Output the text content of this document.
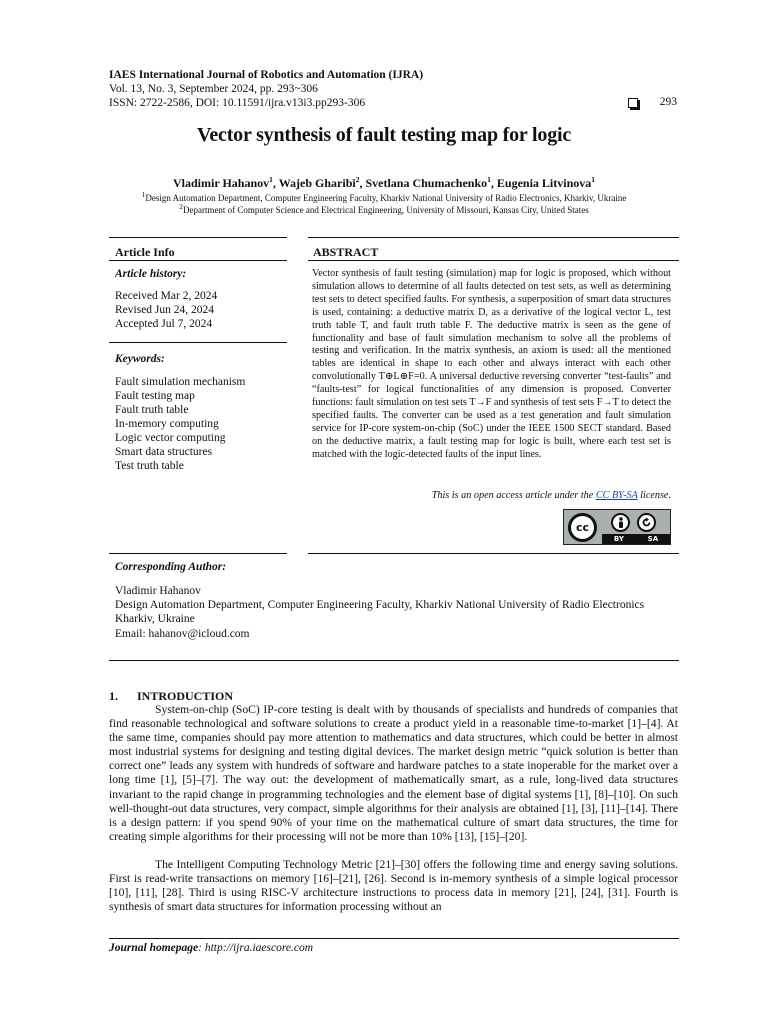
IAES International Journal of Robotics and Automation (IJRA)
Vol. 13, No. 3, September 2024, pp. 293~306
ISSN: 2722-2586, DOI: 10.11591/ijra.v13i3.pp293-306	293
Vector synthesis of fault testing map for logic
Vladimir Hahanov$^1$, Wajeb Gharibi$^2$, Svetlana Chumachenko$^1$, Eugenia Litvinova$^1$
$^1$Design Automation Department, Computer Engineering Faculty, Kharkiv National University of Radio Electronics, Kharkiv, Ukraine
$^2$Department of Computer Science and Electrical Engineering, University of Missouri, Kansas City, United States
Article Info	ABSTRACT
Article history:
Received Mar 2, 2024
Revised Jun 24, 2024
Accepted Jul 7, 2024
Keywords:
Fault simulation mechanism
Fault testing map
Fault truth table
In-memory computing
Logic vector computing
Smart data structures
Test truth table
Vector synthesis of fault testing (simulation) map for logic is proposed, which without simulation allows to determine of all faults detected on test sets, as well as determining test sets to detect specified faults. For synthesis, a superposition of smart data structures is used, containing: a deductive matrix D, as a derivative of the logical vector L, test truth table T, and fault truth table F. The deductive matrix is seen as the gene of functionality and base of fault simulation mechanism to solve all the problems of testing and verification. In the matrix synthesis, an axiom is used: all the mentioned tables are identical in shape to each other and always interact with each other convolutionally T⊕L⊕F=0. A universal deductive reversing converter “test-faults” and “faults-test” for logical functionalities of any dimension is proposed. Converter functions: fault simulation on test sets T→F and synthesis of test sets F→T to detect the specified faults. The converter can be used as a test generation and fault simulation service for IP-core system-on-chip (SoC) under the IEEE 1500 SECT standard. Based on the deductive matrix, a fault testing map for logic is built, where each test set is matched with the logic-detected faults of the input lines.
This is an open access article under the CC BY-SA license.
cc
BY	SA
Corresponding Author:
Vladimir Hahanov
Design Automation Department, Computer Engineering Faculty, Kharkiv National University of Radio Electronics
Kharkiv, Ukraine
Email: hahanov@icloud.com
1. INTRODUCTION
System-on-chip (SoC) IP-core testing is dealt with by thousands of specialists and hundreds of companies that find reasonable technological and software solutions to create a product yield in a reasonable time-to-market [1]–[4]. At the same time, companies should pay more attention to mathematics and data structures, which could be better in almost most industrial systems for designing and testing digital devices. The market design metric “quick solution is better than correct one” leads any system with hundreds of software and hardware patches to a state inoperable for the market over a long time [1], [5]–[7]. The way out: the development of mathematically smart, as a rule, long-lived data structures invariant to the rapid change in programming technologies and the element base of digital systems [1], [8]–[10]. On such well-thought-out data structures, very compact, simple algorithms for their analysis are obtained [1], [3], [11]–[14]. There is a design pattern: if you spend 90% of your time on the mathematical culture of smart data structures, the time for creating simple algorithms for their processing will not be more than 10% [13], [15]–[20].
The Intelligent Computing Technology Metric [21]–[30] offers the following time and energy saving solutions. First is read-write transactions on memory [16]–[21], [26]. Second is in-memory synthesis of a simple logical processor [10], [11], [28]. Third is using RISC-V architecture instructions to process data in memory [21], [24], [31]. Fourth is synthesis of smart data structures for information processing without an
Journal homepage: http://ijra.iaescore.com
